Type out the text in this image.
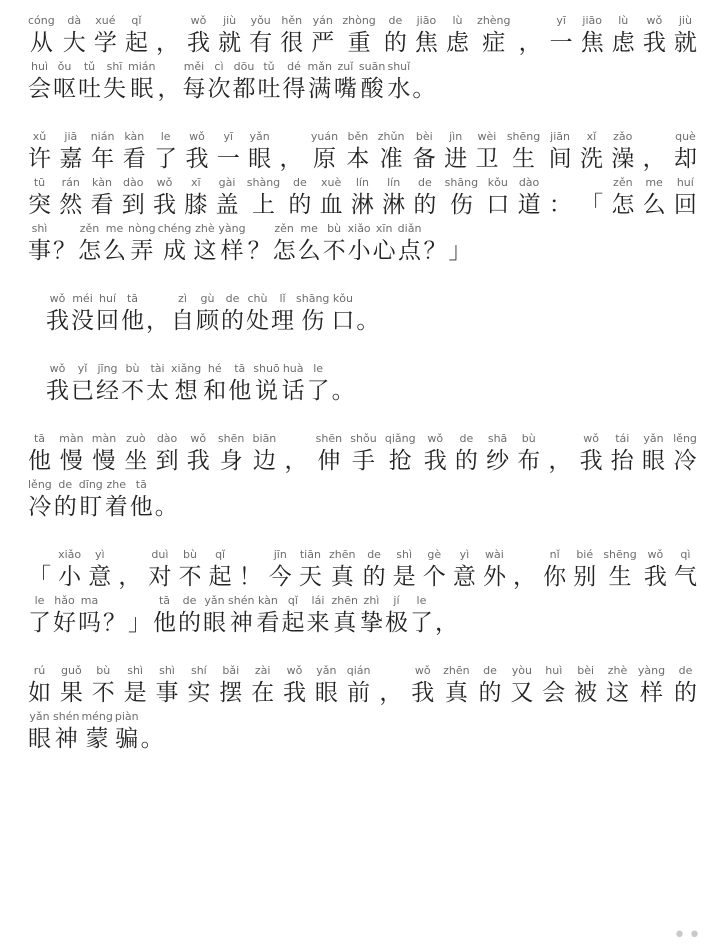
cóng
从
dà
大
xué
学
qǐ
起 ，
wǒ
我
jiù
就
yǒu
有
hěn
很
yán
严
zhòng
重
de
的
jiāo
焦
lù
虑
zhèng
症 ，
yī
一
jiāo
焦
lù
虑
wǒ
我
jiù
就
huì
会
ǒu
呕
tǔ
吐
shī
失
mián
眠 ，
měi
每
cì
次
dōu
都
tǔ
吐
dé
得
mǎn
满
zuǐ
嘴
suān
酸
shuǐ
水 。
xǔ
许
jiā
嘉
nián
年
kàn
看
le
了
wǒ
我
yī
一
yǎn
眼 ，
yuán
原
běn
本
zhǔn
准
bèi
备
jìn
进
wèi
卫
shēng
生
jiān
间
xǐ
洗
zǎo
澡 ，
què
却
tū
突
rán
然
kàn
看
dào
到
wǒ
我
xī
膝
gài
盖
shàng
上
de
的
xuè
血
lín
淋
lín
淋
de
的
shāng
伤
kǒu
口
dào
道 ： 「
zěn
怎
me
么
huí
回
shì
事 ？
zěn
怎
me
么
nòng
弄
chéng
成
zhè
这
yàng
样 ？
zěn
怎
me
么
bù
不
xiǎo
小
xīn
心
diǎn
点 ？ 」
wǒ
我
méi
没
huí
回
tā
他 ，
zì
自
gù
顾
de
的
chù
处
lǐ
理
shāng
伤
kǒu
口 。
wǒ
我
yǐ
已
jīng
经
bù
不
tài
太
xiǎng
想
hé
和
tā
他
shuō
说
huà
话
le
了 。
tā
他
màn
慢
màn
慢
zuò
坐
dào
到
wǒ
我
shēn
身
biān
边 ，
shēn
伸
shǒu
手
qiǎng
抢
wǒ
我
de
的
shā
纱
bù
布 ，
wǒ
我
tái
抬
yǎn
眼
lěng
冷
lěng
冷
de
的
dīng
盯
zhe
着
tā
他 。
「
xiǎo
小
yì
意 ，
duì
对
bù
不
qǐ
起 ！
jīn
今
tiān
天
zhēn
真
de
的
shì
是
gè
个
yì
意
wài
外 ，
nǐ
你
bié
别
shēng
生
wǒ
我
qì
气
le
了
hǎo
好
ma
吗 ？ 」
tā
他
de
的
yǎn
眼
shén
神
kàn
看
qǐ
起
lái
来
zhēn
真
zhì
挚
jí
极
le
了 ，
rú
如
guǒ
果
bù
不
shì
是
shì
事
shí
实
bǎi
摆
zài
在
wǒ
我
yǎn
眼
qián
前 ，
wǒ
我
zhēn
真
de
的
yòu
又
huì
会
bèi
被
zhè
这
yàng
样
de
的
yǎn
眼
shén
神
méng
蒙
piàn
骗 。
••
